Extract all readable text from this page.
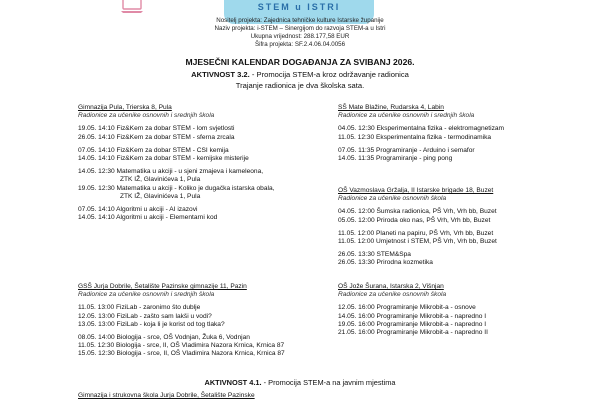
STEM u ISTRI
Nositelj projekta: Zajednica tehničke kulture Istarske županije
Naziv projekta: i-STEM – Sinergijom do razvoja STEM-a u Istri
Ukupna vrijednost: 288.177,58 EUR
Šifra projekta: SF.2.4.06.04.0056
MJESEČNI KALENDAR DOGAĐANJA ZA SVIBANJ 2026.
AKTIVNOST 3.2. - Promocija STEM-a kroz održavanje radionica
Trajanje radionica je dva školska sata.
Gimnazija Pula, Trierska 8, Pula
Radionice za učenike osnovnih i srednjih škola
19.05. 14:10 Fiz&Kem za dobar STEM - lom svjetlosti
26.05. 14:10 Fiz&Kem za dobar STEM - sferna zrcala
07.05. 14:10 Fiz&Kem za dobar STEM - CSI kemija
14.05. 14:10 Fiz&Kem za dobar STEM - kemijske misterije
14.05. 12:30 Matematika u akciji - u sjeni zmajeva i kameleona,
ZTK IŽ, Glavinićeva 1, Pula
19.05. 12:30 Matematika u akciji - Koliko je dugačka istarska obala,
ZTK IŽ, Glavinićeva 1, Pula
07.05. 14:10 Algoritmi u akciji - AI izazovi
14.05. 14:10 Algoritmi u akciji - Elementarni kod
SŠ Mate Blažine, Rudarska 4, Labin
Radionice za učenike osnovnih i srednjih škola
04.05. 12:30 Eksperimentalna fizika - elektromagnetizam
11.05. 12:30 Eksperimentalna fizika - termodinamika
07.05. 11:35 Programiranje - Arduino i semafor
14.05. 11:35 Programiranje - ping pong
OŠ Vazmoslava Gržalja, II Istarske brigade 18, Buzet
Radionice za učenike osnovnih škola
04.05. 12:00 Šumska radionica, PŠ Vrh, Vrh bb, Buzet
05.05. 12:00 Priroda oko nas, PŠ Vrh, Vrh bb, Buzet
11.05. 12:00 Planeti na papiru, PŠ Vrh, Vrh bb, Buzet
11.05. 12:00 Umjetnost i STEM, PŠ Vrh, Vrh bb, Buzet
26.05. 13:30 STEM&Spa
26.05. 13:30 Prirodna kozmetika
GSŠ Jurja Dobrile, Šetalište Pazinske gimnazije 11, Pazin
Radionice za učenike osnovnih i srednjih škola
11.05. 13:00 FiziLab - zaronimo što dublje
12.05. 13:00 FiziLab - zašto sam lakši u vodi?
13.05. 13:00 FiziLab - koja li je korist od tog tlaka?
08.05. 14:00 Biologija - srce, OŠ Vodnjan, Žuka 6, Vodnjan
11.05. 12:30 Biologija - srce, II, OŠ Vladimira Nazora Krnica, Krnica 87
15.05. 12:30 Biologija - srce, II, OŠ Vladimira Nazora Krnica, Krnica 87
OŠ Jože Šurana, Istarska 2, Višnjan
Radionice za učenike osnovnih škola
12.05. 16:00 Programiranje Mikrobit-a - osnove
14.05. 16:00 Programiranje Mikrobit-a - napredno I
19.05. 16:00 Programiranje Mikrobit-a - napredno I
21.05. 16:00 Programiranje Mikrobit-a - napredno II
AKTIVNOST 4.1. - Promocija STEM-a na javnim mjestima
Gimnazija i strukovna škola Jurja Dobrile, Šetalište Pazinske
